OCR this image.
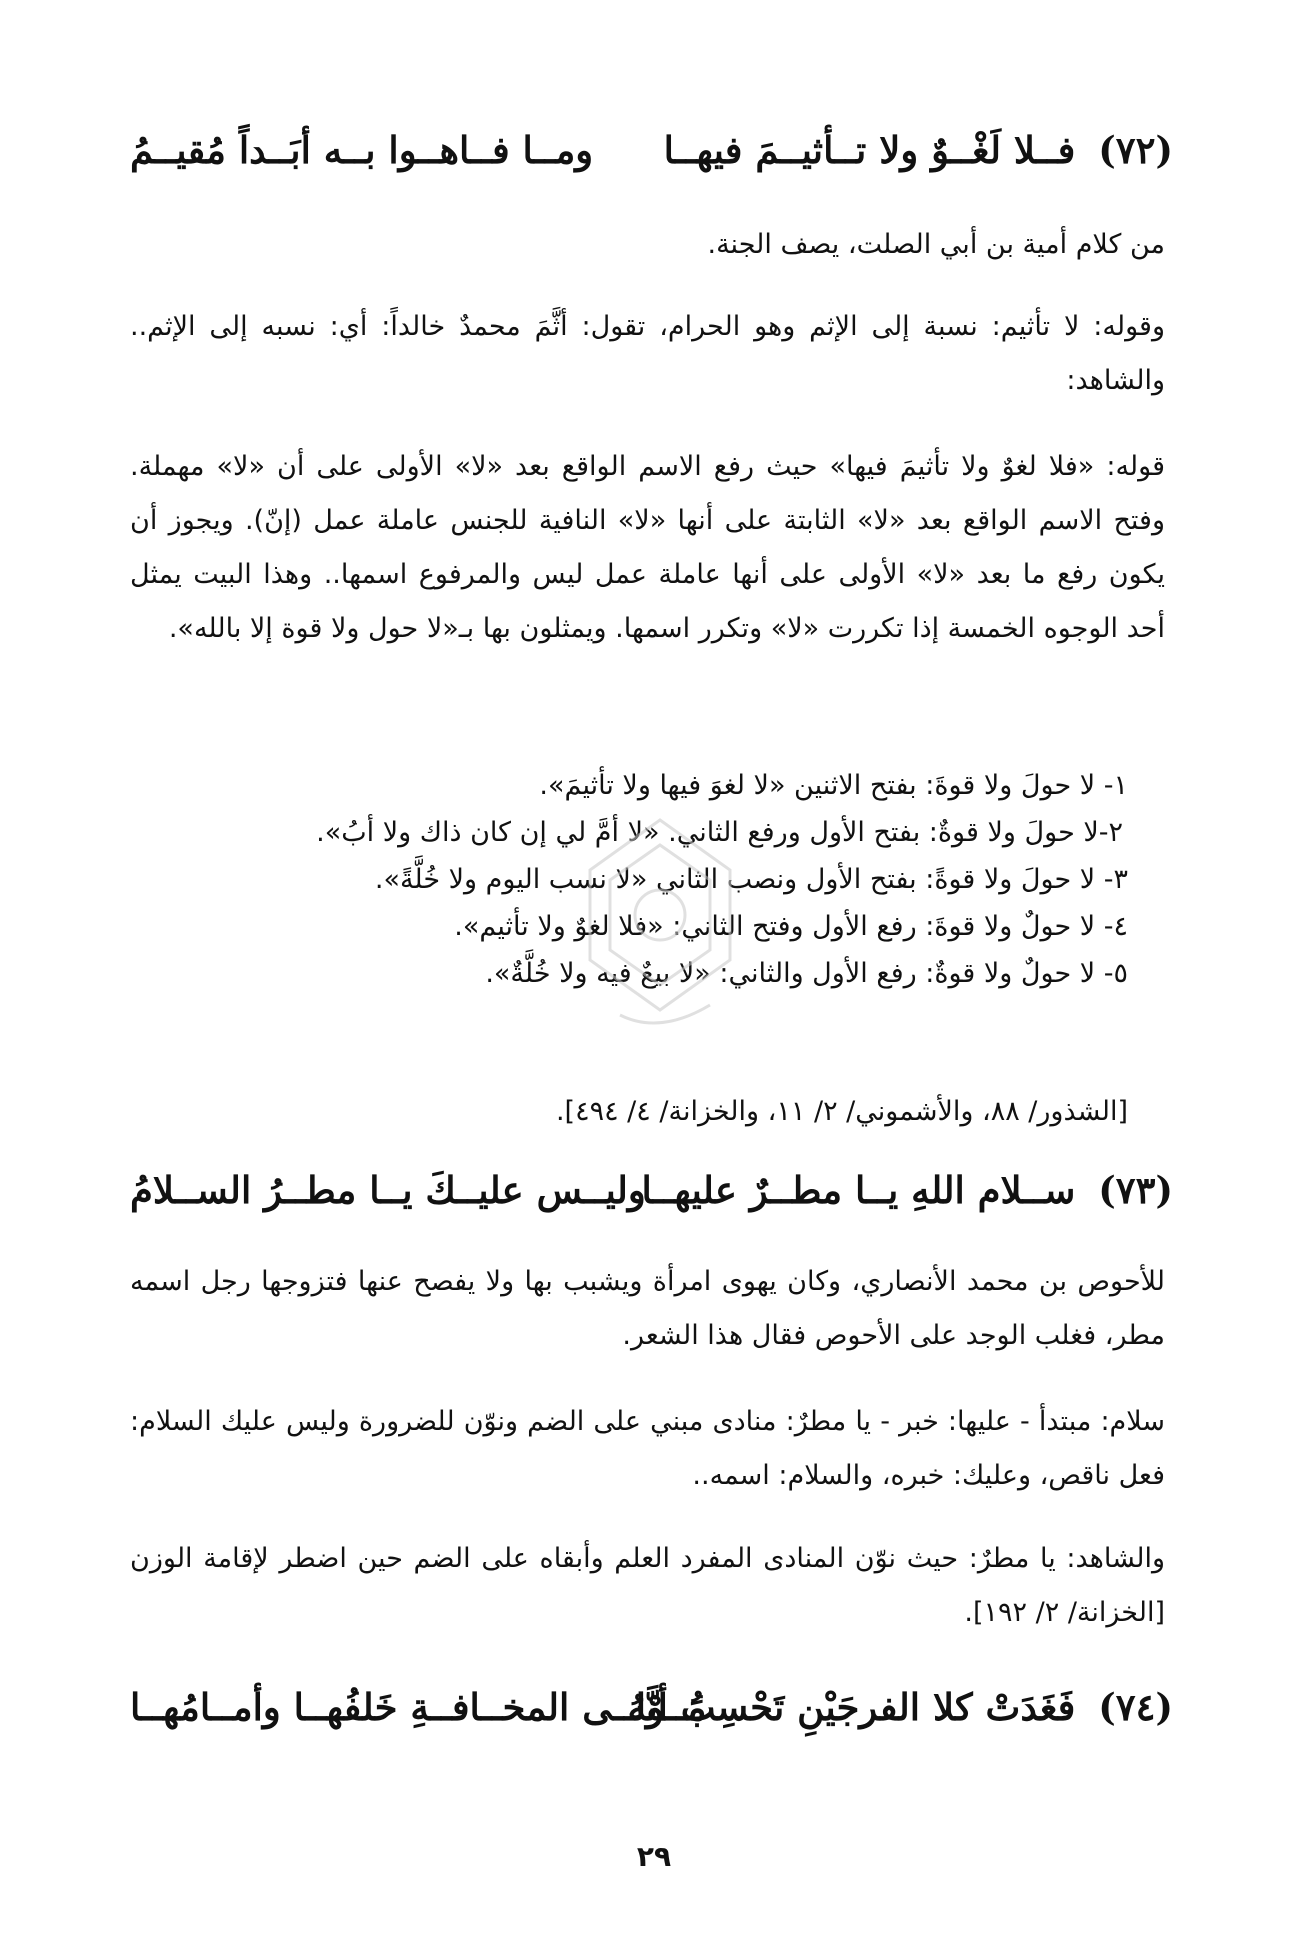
(٧٢) فــلا لَغْــوٌ ولا تــأثيــمَ فيهــا
ومــا فــاهــوا بــه أبَــداً مُقيــمُ
من كلام أمية بن أبي الصلت، يصف الجنة.
وقوله: لا تأثيم: نسبة إلى الإثم وهو الحرام، تقول: أثَّمَ محمدٌ خالداً: أي: نسبه إلى الإثم.. والشاهد:
قوله: «فلا لغوٌ ولا تأثيمَ فيها» حيث رفع الاسم الواقع بعد «لا» الأولى على أن «لا» مهملة. وفتح الاسم الواقع بعد «لا» الثابتة على أنها «لا» النافية للجنس عاملة عمل (إنّ). ويجوز أن يكون رفع ما بعد «لا» الأولى على أنها عاملة عمل ليس والمرفوع اسمها.. وهذا البيت يمثل أحد الوجوه الخمسة إذا تكررت «لا» وتكرر اسمها. ويمثلون بها بـ«لا حول ولا قوة إلا بالله».
١- لا حولَ ولا قوةَ: بفتح الاثنين «لا لغوَ فيها ولا تأثيمَ».
٢-لا حولَ ولا قوةٌ: بفتح الأول ورفع الثاني. «لا أمَّ لي إن كان ذاك ولا أبُ».
٣- لا حولَ ولا قوةً: بفتح الأول ونصب الثاني «لا نسب اليوم ولا خُلَّةً».
٤- لا حولٌ ولا قوةَ: رفع الأول وفتح الثاني: «فلا لغوٌ ولا تأثيم».
٥- لا حولٌ ولا قوةٌ: رفع الأول والثاني: «لا بيعٌ فيه ولا خُلَّةٌ».
[الشذور/ ٨٨، والأشموني/ ٢/ ١١، والخزانة/ ٤/ ٤٩٤].
(٧٣) ســلام اللهِ يــا مطــرٌ عليهــا
وليــس عليــكَ يــا مطــرُ الســلامُ
للأحوص بن محمد الأنصاري، وكان يهوى امرأة ويشبب بها ولا يفصح عنها فتزوجها رجل اسمه مطر، فغلب الوجد على الأحوص فقال هذا الشعر.
سلام: مبتدأ - عليها: خبر - يا مطرٌ: منادى مبني على الضم ونوّن للضرورة وليس عليك السلام: فعل ناقص، وعليك: خبره، والسلام: اسمه..
والشاهد: يا مطرٌ: حيث نوّن المنادى المفرد العلم وأبقاه على الضم حين اضطر لإقامة الوزن [الخزانة/ ٢/ ١٩٢].
(٧٤) فَغَدَتْ كلا الفرجَيْنِ تَحْسِبُ أنَّهُ
مَــوْلــى المخــافــةِ خَلفُهــا وأمــامُهــا
٢٩
